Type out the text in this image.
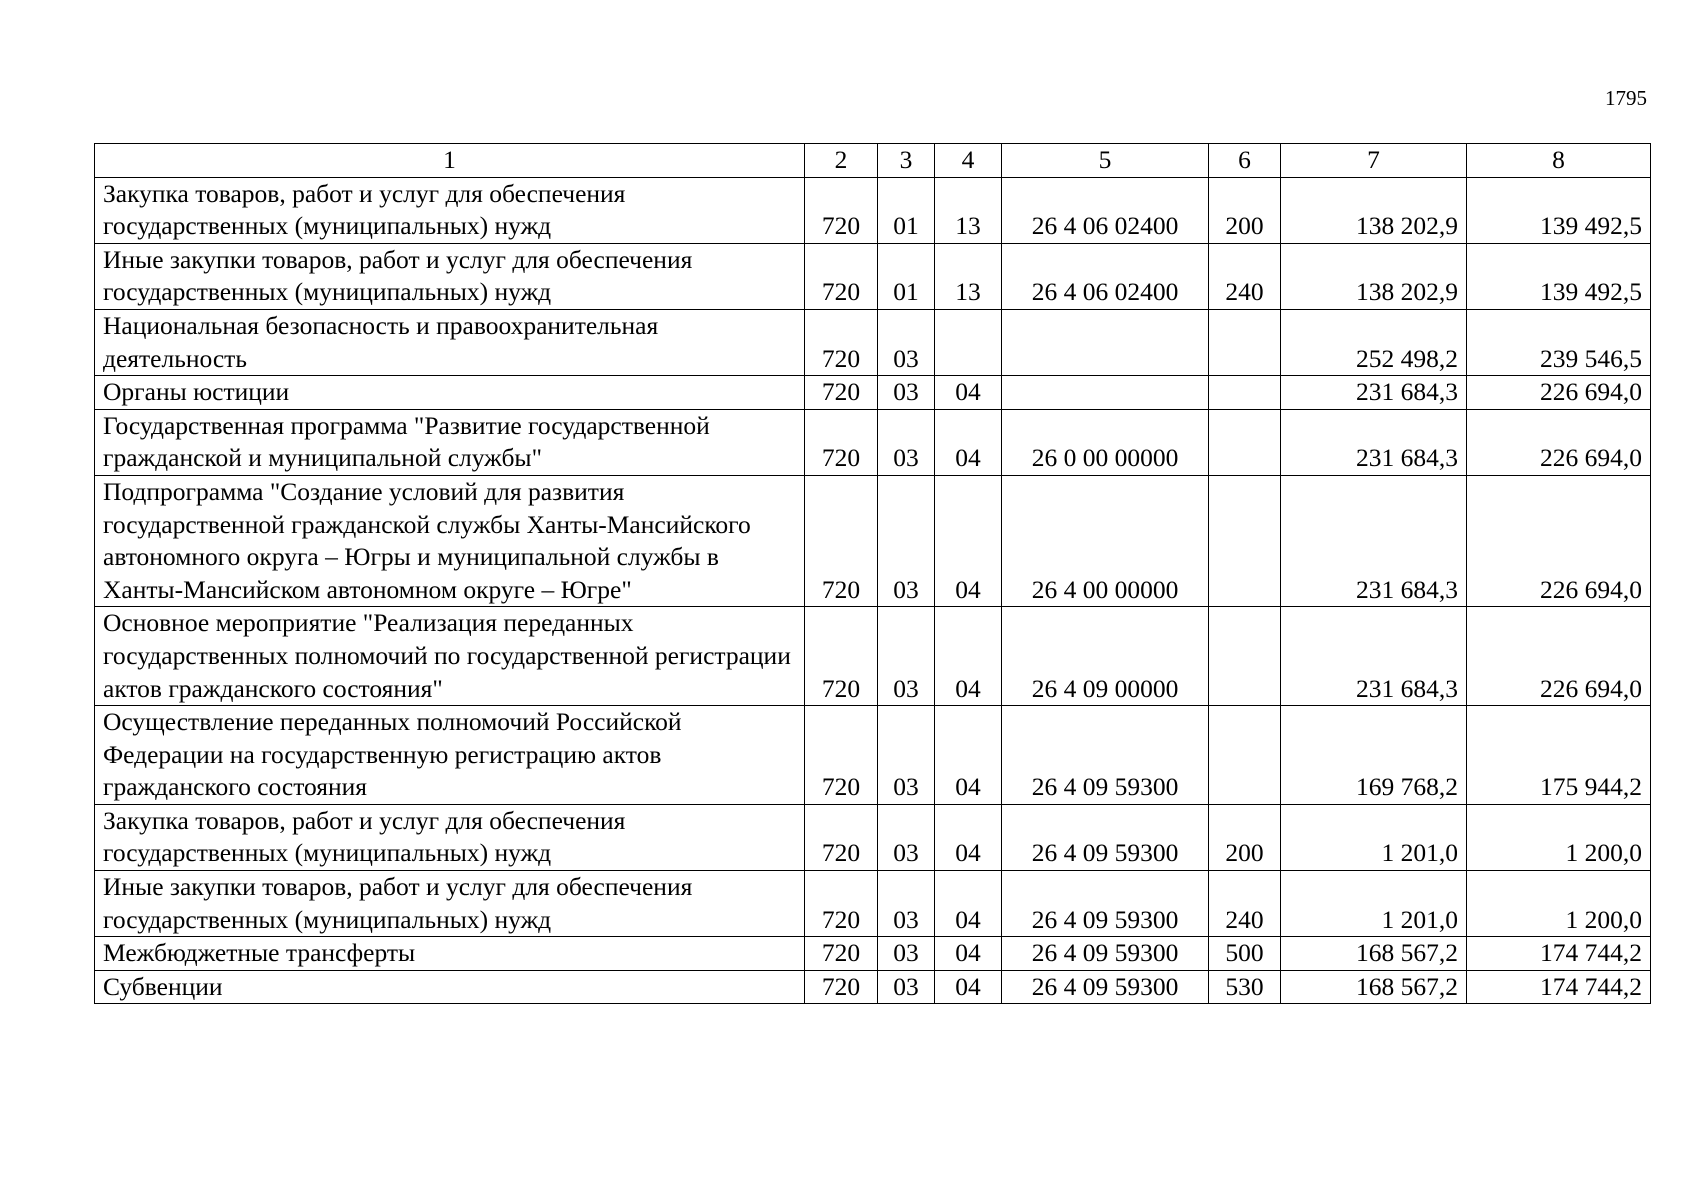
1795
1	2	3	4	5	6	7	8
Закупка товаров, работ и услуг для обеспечения государственных (муниципальных) нужд	720	01	13	26 4 06 02400	200	138 202,9	139 492,5
Иные закупки товаров, работ и услуг для обеспечения государственных (муниципальных) нужд	720	01	13	26 4 06 02400	240	138 202,9	139 492,5
Национальная безопасность и правоохранительная деятельность	720	03				252 498,2	239 546,5
Органы юстиции	720	03	04			231 684,3	226 694,0
Государственная программа "Развитие государственной гражданской и муниципальной службы"	720	03	04	26 0 00 00000		231 684,3	226 694,0
Подпрограмма "Создание условий для развития государственной гражданской службы Ханты-Мансийского автономного округа – Югры и муниципальной службы в Ханты-Мансийском автономном округе – Югре"	720	03	04	26 4 00 00000		231 684,3	226 694,0
Основное мероприятие "Реализация переданных государственных полномочий по государственной регистрации актов гражданского состояния"	720	03	04	26 4 09 00000		231 684,3	226 694,0
Осуществление переданных полномочий Российской Федерации на государственную регистрацию актов гражданского состояния	720	03	04	26 4 09 59300		169 768,2	175 944,2
Закупка товаров, работ и услуг для обеспечения государственных (муниципальных) нужд	720	03	04	26 4 09 59300	200	1 201,0	1 200,0
Иные закупки товаров, работ и услуг для обеспечения государственных (муниципальных) нужд	720	03	04	26 4 09 59300	240	1 201,0	1 200,0
Межбюджетные трансферты	720	03	04	26 4 09 59300	500	168 567,2	174 744,2
Субвенции	720	03	04	26 4 09 59300	530	168 567,2	174 744,2
